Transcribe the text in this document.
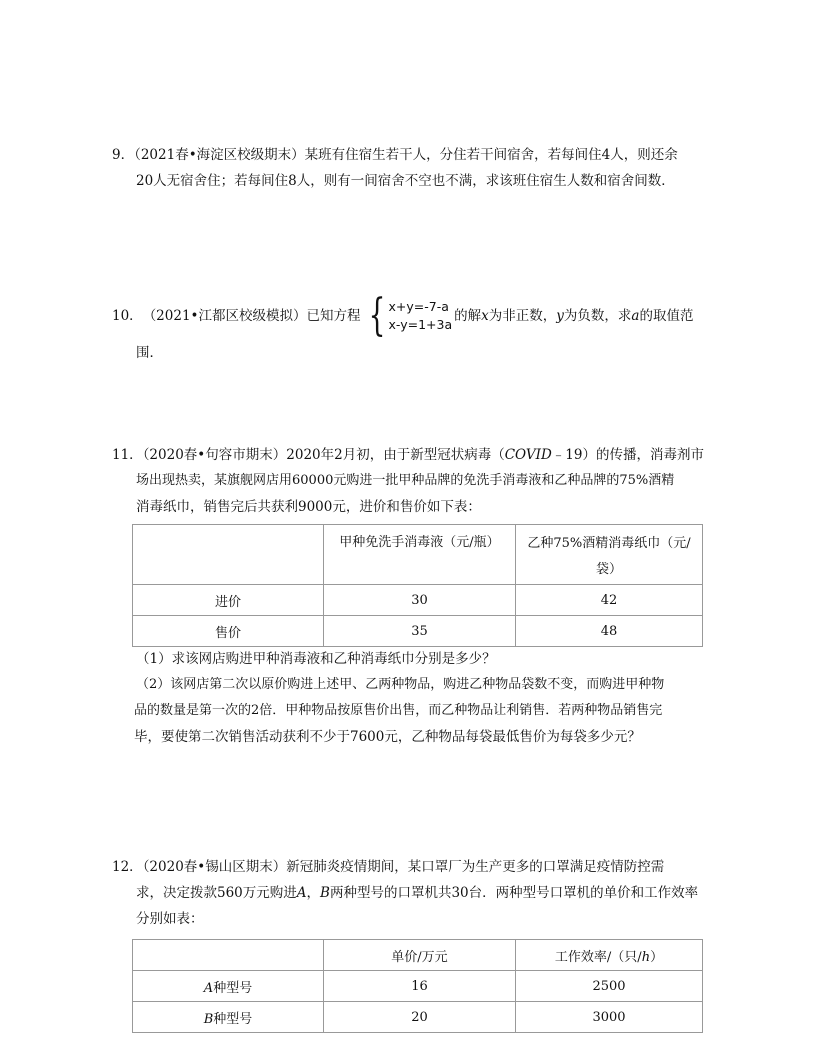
9．（2021春•海淀区校级期末）某班有住宿生若干人，分住若干间宿舍，若每间住4人，则还余
20人无宿舍住；若每间住8人，则有一间宿舍不空也不满，求该班住宿生人数和宿舍间数．
10． （2021•江都区校级模拟） 已知方程 { x+y=-7-a
x-y=1+3a
的解 x 为非正数， y 为负数，求 a 的取值范
围．
11．（2020春•句容市期末）2020年2月初，由于新型冠状病毒（COVID﹣19）的传播，消毒剂市
场出现热卖，某旗舰网店用60000元购进一批甲种品牌的免洗手消毒液和乙种品牌的75%酒精
消毒纸巾，销售完后共获利9000元，进价和售价如下表：
	甲种免洗手消毒液（元/瓶）	乙种75%酒精消毒纸巾（元/袋）
进价	30	42
售价	35	48
（1）求该网店购进甲种消毒液和乙种消毒纸巾分别是多少？
（2）该网店第二次以原价购进上述甲、乙两种物品，购进乙种物品袋数不变，而购进甲种物
品的数量是第一次的2倍．甲种物品按原售价出售，而乙种物品让利销售．若两种物品销售完
毕，要使第二次销售活动获利不少于7600元，乙种物品每袋最低售价为每袋多少元？
12．（2020春•锡山区期末）新冠肺炎疫情期间，某口罩厂为生产更多的口罩满足疫情防控需
求，决定拨款560万元购进A，B两种型号的口罩机共30台．两种型号口罩机的单价和工作效率
分别如表：
	单价/万元	工作效率/（只/h）
A种型号	16	2500
B种型号	20	3000
